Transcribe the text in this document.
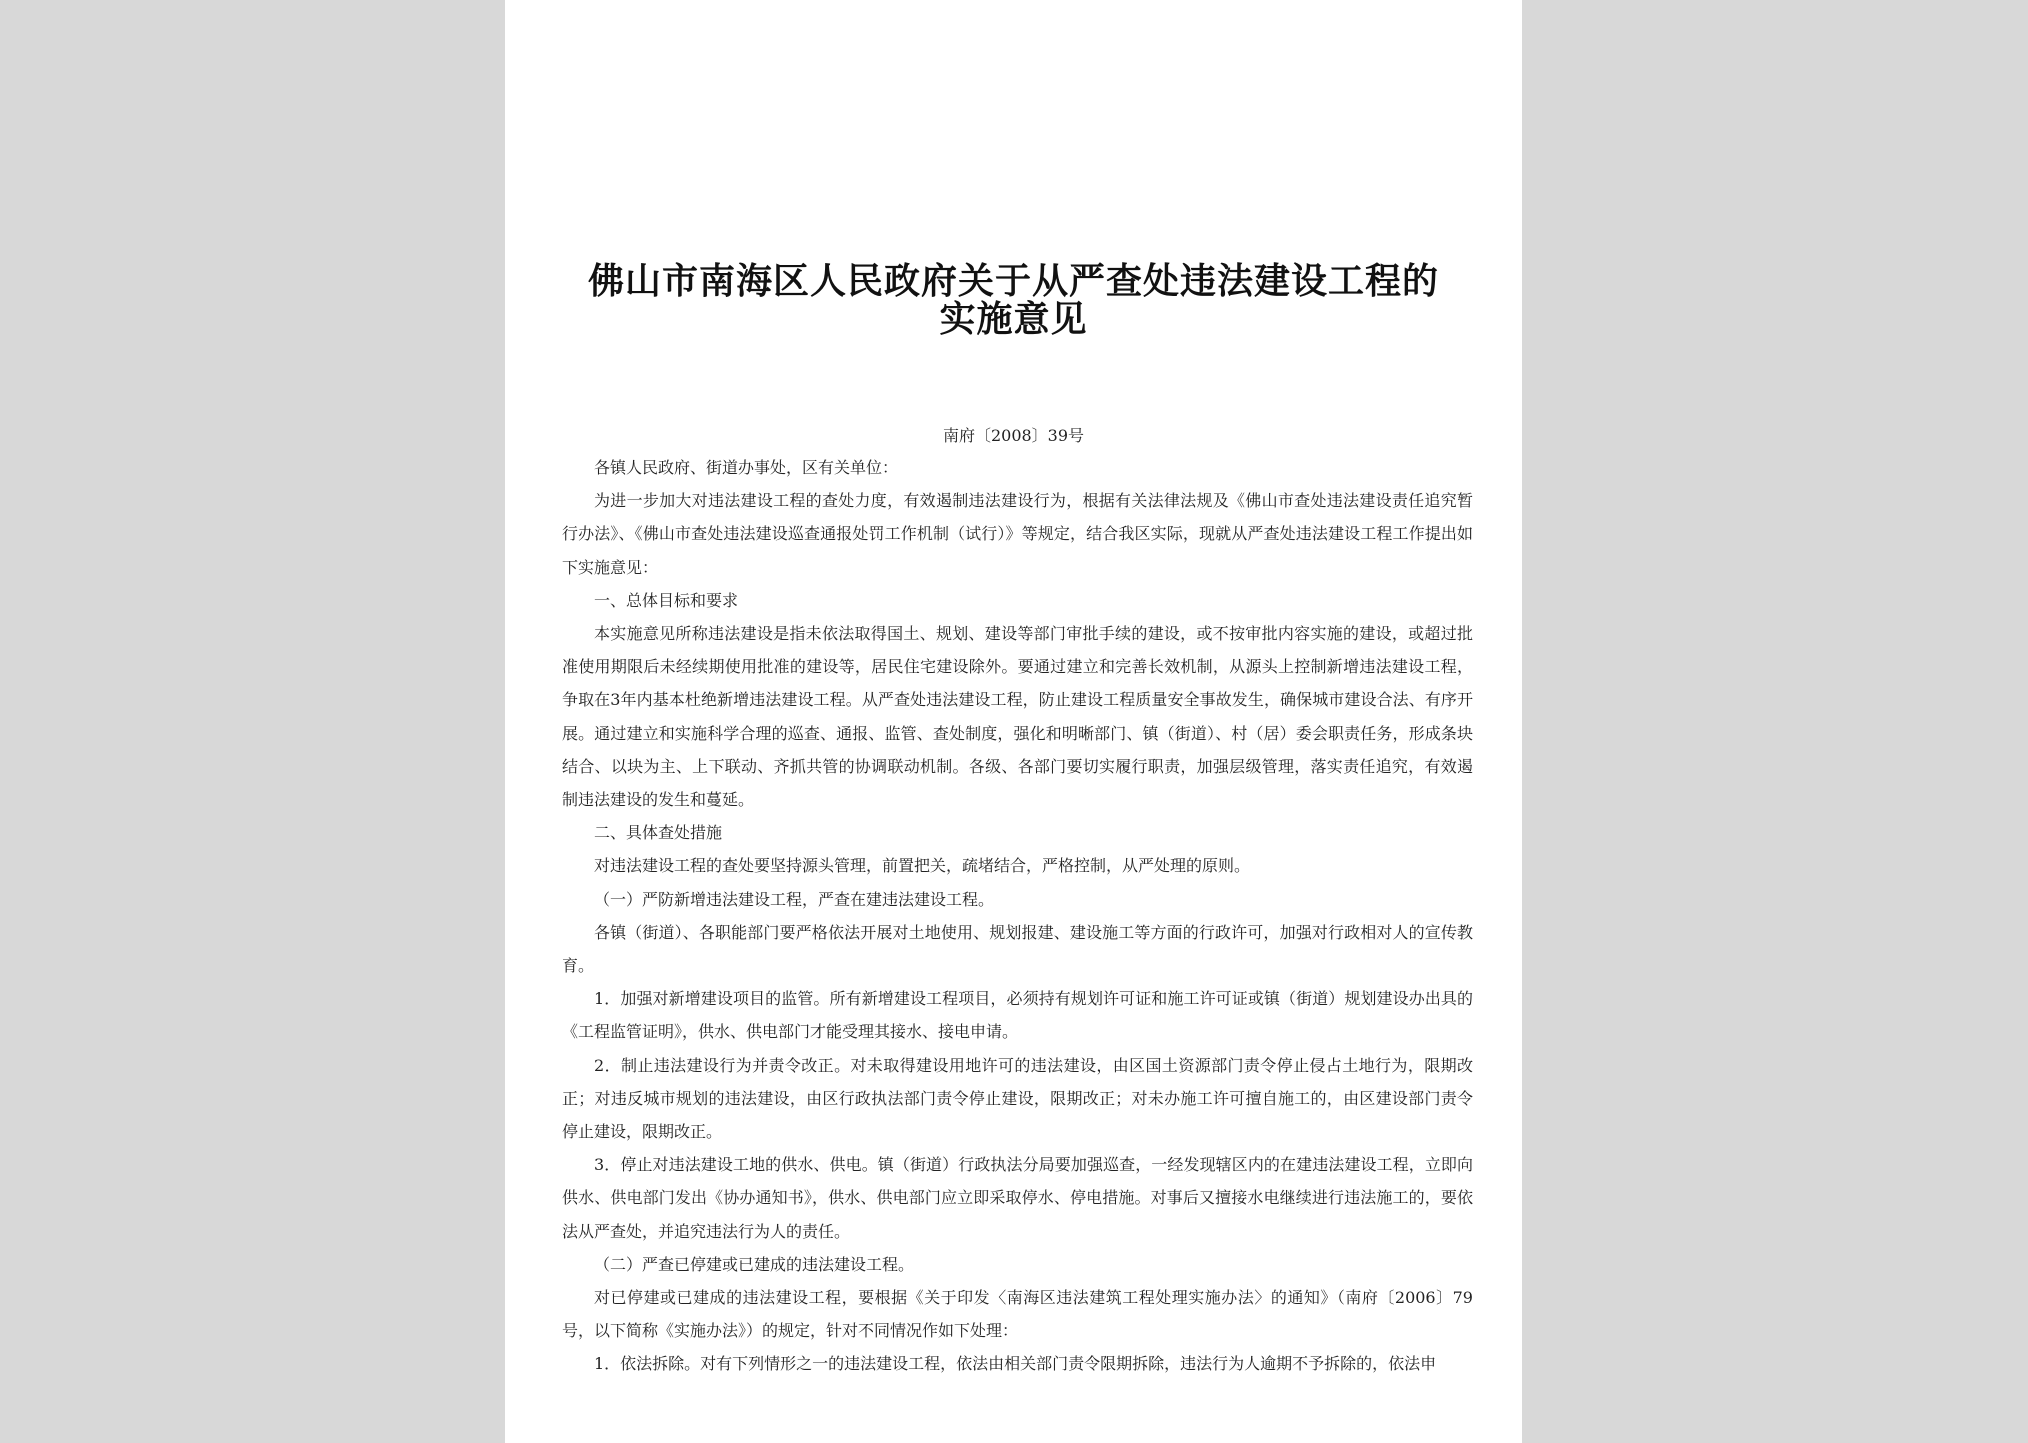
佛山市南海区人民政府关于从严查处违法建设工程的
实施意见
南府〔2008〕39号

各镇人民政府、街道办事处，区有关单位：

为进一步加大对违法建设工程的查处力度，有效遏制违法建设行为，根据有关法律法规及《佛山市查处违法建设责任追究暂行办法》、《佛山市查处违法建设巡查通报处罚工作机制（试行）》等规定，结合我区实际，现就从严查处违法建设工程工作提出如下实施意见：

一、总体目标和要求

本实施意见所称违法建设是指未依法取得国土、规划、建设等部门审批手续的建设，或不按审批内容实施的建设，或超过批准使用期限后未经续期使用批准的建设等，居民住宅建设除外。要通过建立和完善长效机制，从源头上控制新增违法建设工程，争取在3年内基本杜绝新增违法建设工程。从严查处违法建设工程，防止建设工程质量安全事故发生，确保城市建设合法、有序开展。通过建立和实施科学合理的巡查、通报、监管、查处制度，强化和明晰部门、镇（街道）、村（居）委会职责任务，形成条块结合、以块为主、上下联动、齐抓共管的协调联动机制。各级、各部门要切实履行职责，加强层级管理，落实责任追究，有效遏制违法建设的发生和蔓延。

二、具体查处措施

对违法建设工程的查处要坚持源头管理，前置把关，疏堵结合，严格控制，从严处理的原则。

（一）严防新增违法建设工程，严查在建违法建设工程。

各镇（街道）、各职能部门要严格依法开展对土地使用、规划报建、建设施工等方面的行政许可，加强对行政相对人的宣传教育。

1．加强对新增建设项目的监管。所有新增建设工程项目，必须持有规划许可证和施工许可证或镇（街道）规划建设办出具的《工程监管证明》，供水、供电部门才能受理其接水、接电申请。

2．制止违法建设行为并责令改正。对未取得建设用地许可的违法建设，由区国土资源部门责令停止侵占土地行为，限期改正；对违反城市规划的违法建设，由区行政执法部门责令停止建设，限期改正；对未办施工许可擅自施工的，由区建设部门责令停止建设，限期改正。

3．停止对违法建设工地的供水、供电。镇（街道）行政执法分局要加强巡查，一经发现辖区内的在建违法建设工程，立即向供水、供电部门发出《协办通知书》，供水、供电部门应立即采取停水、停电措施。对事后又擅接水电继续进行违法施工的，要依法从严查处，并追究违法行为人的责任。

（二）严查已停建或已建成的违法建设工程。

对已停建或已建成的违法建设工程，要根据《关于印发〈南海区违法建筑工程处理实施办法〉的通知》（南府〔2006〕79号，以下简称《实施办法》）的规定，针对不同情况作如下处理：

1．依法拆除。对有下列情形之一的违法建设工程，依法由相关部门责令限期拆除，违法行为人逾期不予拆除的，依法申
